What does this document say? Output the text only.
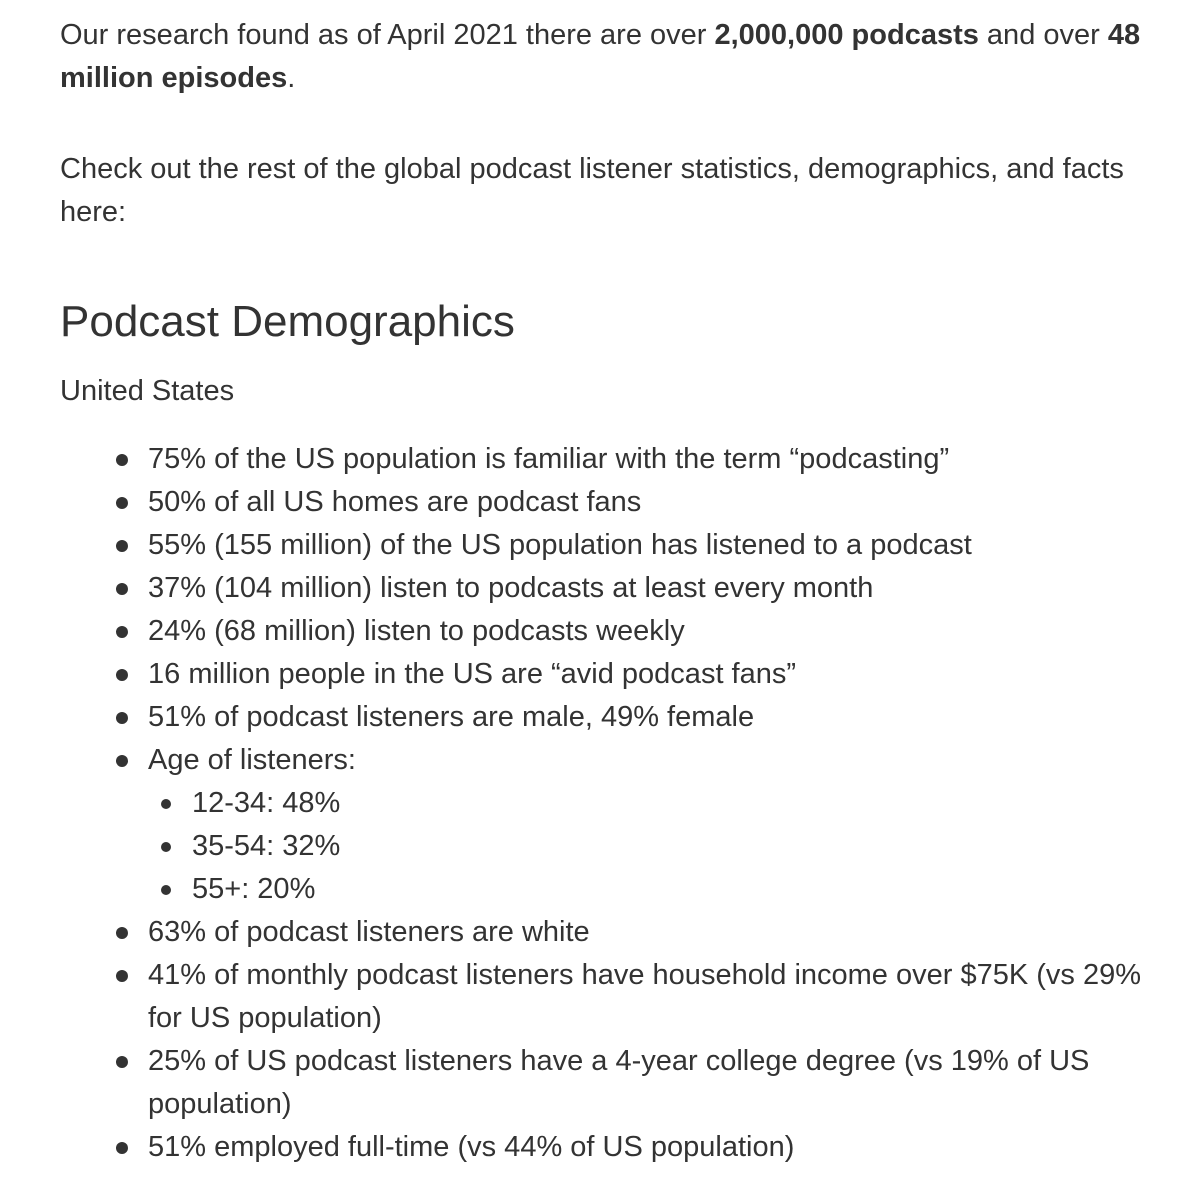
Our research found as of April 2021 there are over 2,000,000 podcasts and over 48 million episodes.

Check out the rest of the global podcast listener statistics, demographics, and facts here:

Podcast Demographics

United States

75% of the US population is familiar with the term “podcasting”
50% of all US homes are podcast fans
55% (155 million) of the US population has listened to a podcast
37% (104 million) listen to podcasts at least every month
24% (68 million) listen to podcasts weekly
16 million people in the US are “avid podcast fans”
51% of podcast listeners are male, 49% female
Age of listeners:
12-34: 48%
35-54: 32%
55+: 20%
63% of podcast listeners are white
41% of monthly podcast listeners have household income over $75K (vs 29% for US population)
25% of US podcast listeners have a 4-year college degree (vs 19% of US population)
51% employed full-time (vs 44% of US population)
